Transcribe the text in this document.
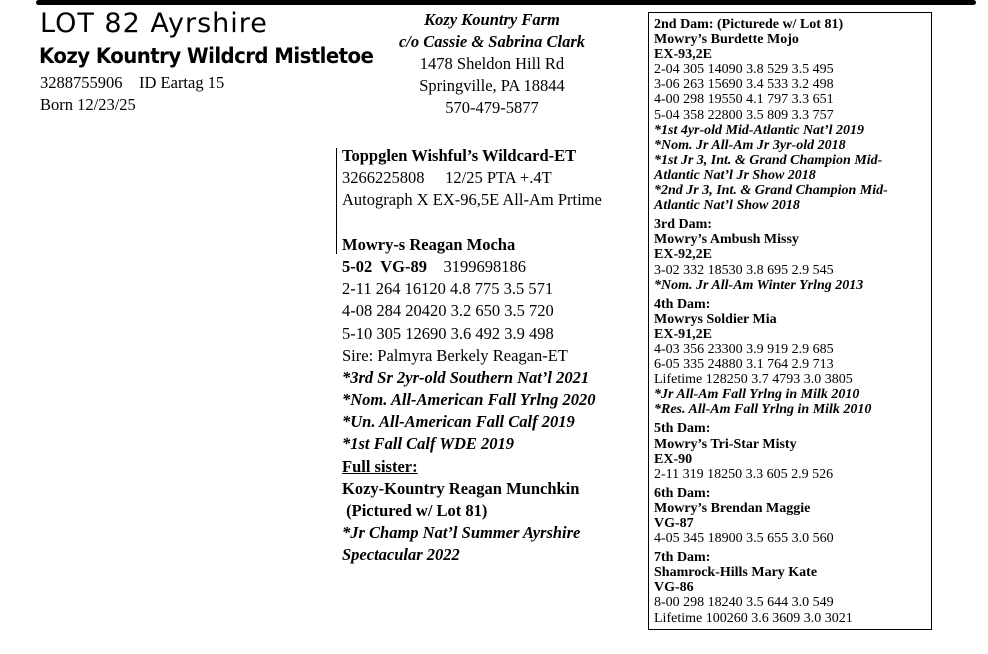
LOT 82 Ayrshire
Kozy Kountry Wildcrd Mistletoe
3288755906    ID Eartag 15
Born 12/23/25
Kozy Kountry Farm
c/o Cassie & Sabrina Clark
1478 Sheldon Hill Rd
Springville, PA 18844
570-479-5877
Toppglen Wishful’s Wildcard-ET
3266225808     12/25 PTA +.4T
Autograph X EX-96,5E All-Am Prtime
Mowry-s Reagan Mocha
5-02  VG-89 3199698186
2-11 264 16120 4.8 775 3.5 571
4-08 284 20420 3.2 650 3.5 720
5-10 305 12690 3.6 492 3.9 498
Sire: Palmyra Berkely Reagan-ET
*3rd Sr 2yr-old Southern Nat’l 2021
*Nom. All-American Fall Yrlng 2020
*Un. All-American Fall Calf 2019
*1st Fall Calf WDE 2019
Full sister:
Kozy-Kountry Reagan Munchkin
(Pictured w/ Lot 81)
*Jr Champ Nat’l Summer Ayrshire
Spectacular 2022
2nd Dam: (Picturede w/ Lot 81)
Mowry’s Burdette Mojo
EX-93,2E
2-04 305 14090 3.8 529 3.5 495
3-06 263 15690 3.4 533 3.2 498
4-00 298 19550 4.1 797 3.3 651
5-04 358 22800 3.5 809 3.3 757
*1st 4yr-old Mid-Atlantic Nat’l 2019
*Nom. Jr All-Am Jr 3yr-old 2018
*1st Jr 3, Int. & Grand Champion Mid-
Atlantic Nat’l Jr Show 2018
*2nd Jr 3, Int. & Grand Champion Mid-
Atlantic Nat’l Show 2018
3rd Dam:
Mowry’s Ambush Missy
EX-92,2E
3-02 332 18530 3.8 695 2.9 545
*Nom. Jr All-Am Winter Yrlng 2013
4th Dam:
Mowrys Soldier Mia
EX-91,2E
4-03 356 23300 3.9 919 2.9 685
6-05 335 24880 3.1 764 2.9 713
Lifetime 128250 3.7 4793 3.0 3805
*Jr All-Am Fall Yrlng in Milk 2010
*Res. All-Am Fall Yrlng in Milk 2010
5th Dam:
Mowry’s Tri-Star Misty
EX-90
2-11 319 18250 3.3 605 2.9 526
6th Dam:
Mowry’s Brendan Maggie
VG-87
4-05 345 18900 3.5 655 3.0 560
7th Dam:
Shamrock-Hills Mary Kate
VG-86
8-00 298 18240 3.5 644 3.0 549
Lifetime 100260 3.6 3609 3.0 3021
